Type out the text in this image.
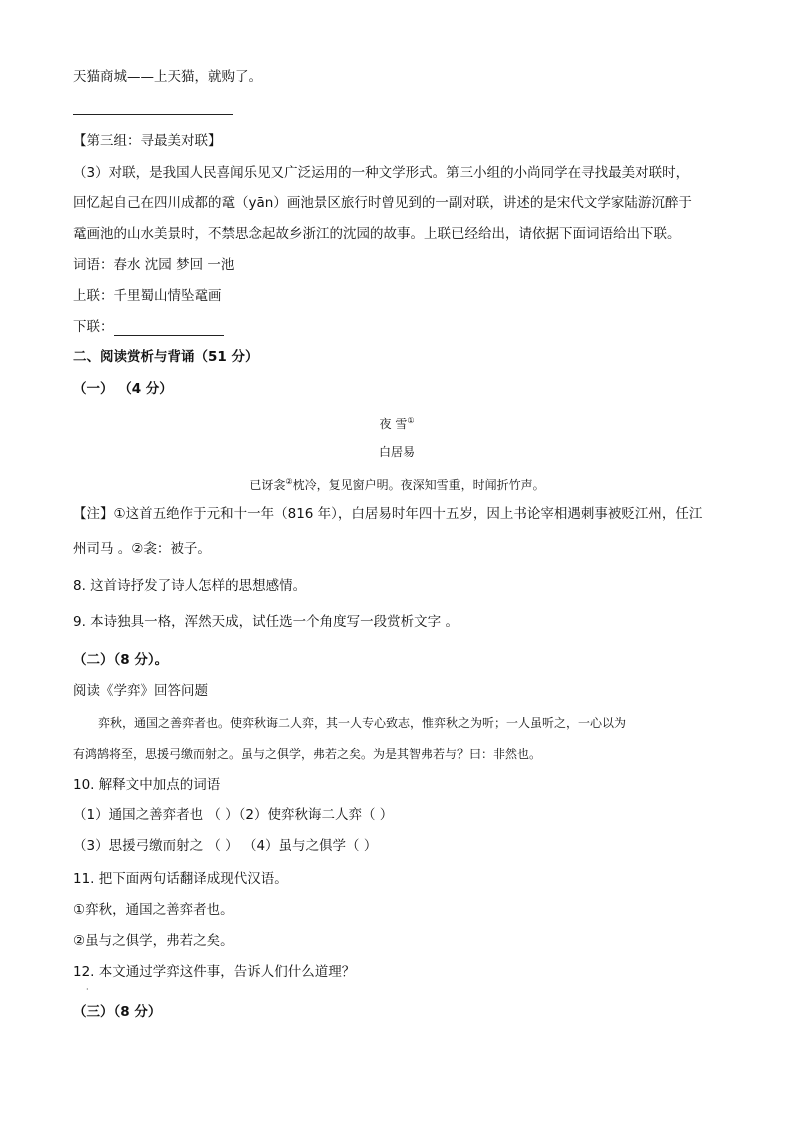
天猫商城——上天猫，就购了。
【第三组：寻最美对联】
（3）对联，是我国人民喜闻乐见又广泛运用的一种文学形式。第三小组的小尚同学在寻找最美对联时，
回忆起自己在四川成都的鼋（yān）画池景区旅行时曾见到的一副对联，讲述的是宋代文学家陆游沉醉于
鼋画池的山水美景时，不禁思念起故乡浙江的沈园的故事。上联已经给出，请依据下面词语给出下联。
词语：春水 沈园 梦回 一池
上联：千里蜀山情坠鼋画
下联：
二、阅读赏析与背诵（51 分）
（一） （4 分）
夜 雪①
白居易
已讶衾②枕冷，复见窗户明。夜深知雪重，时闻折竹声。
【注】①这首五绝作于元和十一年（816 年），白居易时年四十五岁，因上书论宰相遇刺事被贬江州，任江
州司马 。②衾：被子。
8. 这首诗抒发了诗人怎样的思想感情。
9. 本诗独具一格，浑然天成，试任选一个角度写一段赏析文字 。
（二）（8 分）。
阅读《学弈》回答问题
弈秋，通国之善弈者也。使弈秋诲二人弈，其一人专心致志，惟弈秋之为听；一人虽听之，一心以为
有鸿鹄将至，思援弓缴而射之。虽与之俱学，弗若之矣。为是其智弗若与？曰：非然也。
10. 解释文中加点的词语
（1）通国之善弈者也 （ ）（2）使弈秋诲二人弈（ ）
（3）思援弓缴而射之 （ ） （4）虽与之俱学（ ）
11. 把下面两句话翻译成现代汉语。
①弈秋，通国之善弈者也。
②虽与之俱学，弗若之矣。
12. 本文通过学弈这件事，告诉人们什么道理？
·
（三）（8 分）
